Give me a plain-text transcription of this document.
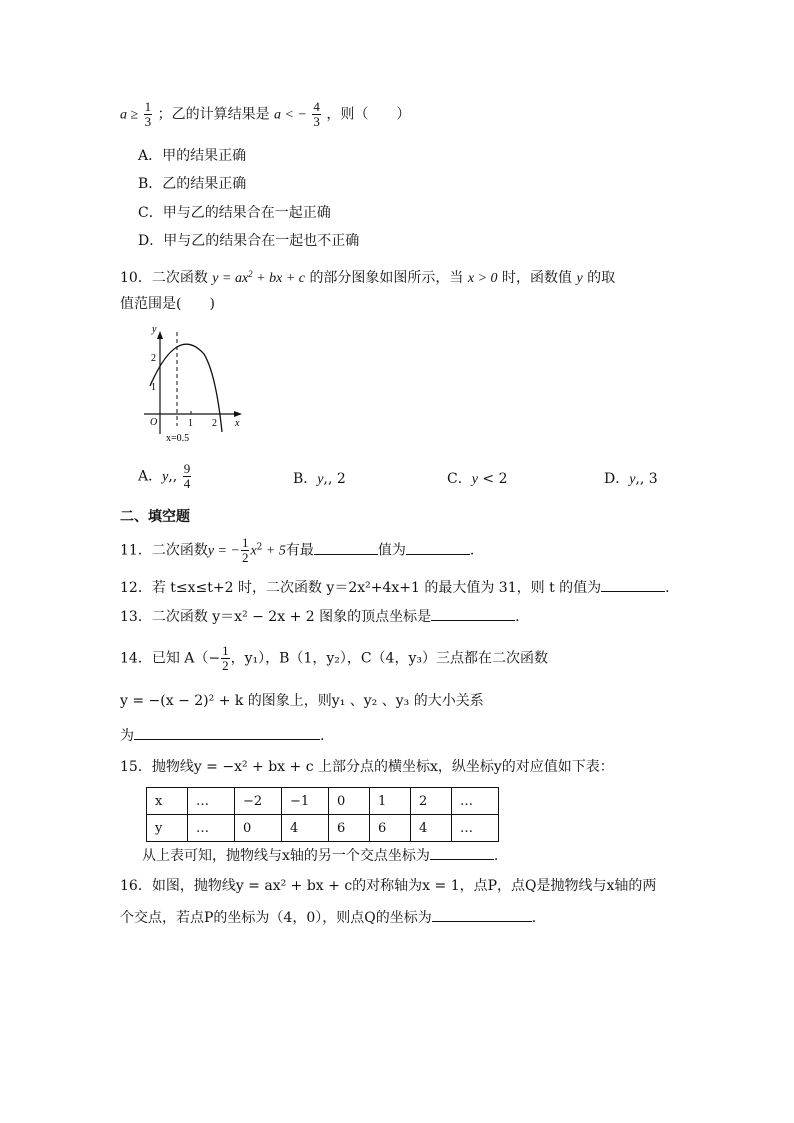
$a \ge \frac{1}{3}$ ；乙的计算结果是 a < − $\frac{4}{3}$ ，则（　　）
A．甲的结果正确
B．乙的结果正确
C．甲与乙的结果合在一起正确
D．甲与乙的结果合在一起也不正确
10．二次函数 $y = ax^2$ + bx + c 的部分图象如图所示，当 x > 0 时，函数值 y 的取
值范围是(　　)
y
x
O
1
2
1 2
x=0.5
A．y,, $\frac{9}{4}$	B．y,, 2	C．y < 2	D．y,, 3
二、填空题
11．二次函数y = − $\frac{1}{2} x^2 + 5$有最	值为	.
12．若 t≤x≤t+2 时，二次函数 y＝2x²+4x+1 的最大值为 31，则 t 的值为	.
13．二次函数 y＝x² − 2x + 2 图象的顶点坐标是	.
14．已知 $A(- \frac{1}{2}$ ，y₁），B（1，y₂），C（4，y₃）三点都在二次函数
y = −(x − 2)² + k 的图象上，则y₁ 、y₂ 、y₃ 的大小关系
为	.
15．抛物线y = −x² + bx + c 上部分点的横坐标x，纵坐标y的对应值如下表：
x	…	−2	−1	0	1	2	…
y	…	0	4	6	6	4	…
从上表可知，抛物线与x轴的另一个交点坐标为	.
16．如图，抛物线y = ax² + bx + c的对称轴为x = 1，点P，点Q是抛物线与x轴的两
个交点，若点P的坐标为（4，0），则点Q的坐标为	.
